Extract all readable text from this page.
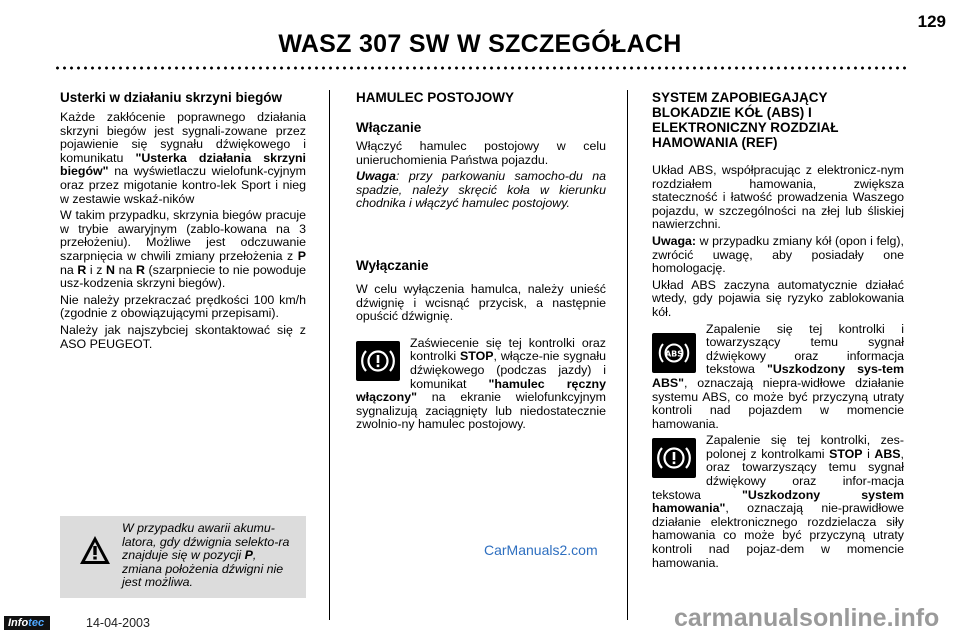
129
WASZ 307 SW W SZCZEGÓŁACH
Usterki w działaniu skrzyni biegów

Każde zakłócenie poprawnego działania skrzyni biegów jest sygnali-zowane przez pojawienie się sygnału dźwiękowego i komunikatu "Usterka działania skrzyni biegów" na wyświetlaczu wielofunk-cyjnym oraz przez migotanie kontro-lek Sport i nieg w zestawie wskaź-ników

W takim przypadku, skrzynia biegów pracuje w trybie awaryjnym (zablo-kowana na 3 przełożeniu). Możliwe jest odczuwanie szarpnięcia w chwili zmiany przełożenia z P na R i z N na R (szarpniecie to nie powoduje usz-kodzenia skrzyni biegów).

Nie należy przekraczać prędkości 100 km/h (zgodnie z obowiązującymi przepisami).

Należy jak najszybciej skontaktować się z ASO PEUGEOT.

W przypadku awarii akumu-latora, gdy dźwignia selekto-ra znajduje się w pozycji P, zmiana położenia dźwigni nie jest możliwa.
HAMULEC POSTOJOWY
Włączanie

Włączyć hamulec postojowy w celu unieruchomienia Państwa pojazdu.

Uwaga: przy parkowaniu samocho-du na spadzie, należy skręcić koła w kierunku chodnika i włączyć hamulec postojowy.

Wyłączanie

W celu wyłączenia hamulca, należy unieść dźwignię i wcisnąć przycisk, a następnie opuścić dźwignię.

Zaświecenie się tej kontrolki oraz kontrolki STOP, włącze-nie sygnału dźwiękowego (podczas jazdy) i komunikat "hamulec ręczny włączony" na ekranie wielofunkcyjnym sygnalizują zaciągnięty lub niedostatecznie zwolnio-ny hamulec postojowy.

SYSTEM ZAPOBIEGAJĄCY BLOKADZIE KÓŁ (ABS) I ELEKTRONICZNY ROZDZIAŁ HAMOWANIA (REF)

Układ ABS, współpracując z elektronicz-nym rozdziałem hamowania, zwiększa stateczność i łatwość prowadzenia Waszego pojazdu, w szczególności na złej lub śliskiej nawierzchni.

Uwaga: w przypadku zmiany kół (opon i felg), zwrócić uwagę, aby posiadały one homologację.

Układ ABS zaczyna automatycznie działać wtedy, gdy pojawia się ryzyko zablokowania kół.

ABS

Zapalenie się tej kontrolki i towarzyszący temu sygnał dźwiękowy oraz informacja tekstowa "Uszkodzony sys-tem ABS", oznaczają niepra-widłowe działanie systemu ABS, co może być przyczyną utraty kontroli nad pojazdem w momencie hamowania.

Zapalenie się tej kontrolki, zes-polonej z kontrolkami STOP i ABS, oraz towarzyszący temu sygnał dźwiękowy oraz infor-macja tekstowa "Uszkodzony system hamowania", oznaczają nie-prawidłowe działanie elektronicznego rozdzielacza siły hamowania co może być przyczyną utraty kontroli nad pojaz-dem w momencie hamowania.

CarManuals2.com
carmanualsonline.info
Infotec	14-04-2003
